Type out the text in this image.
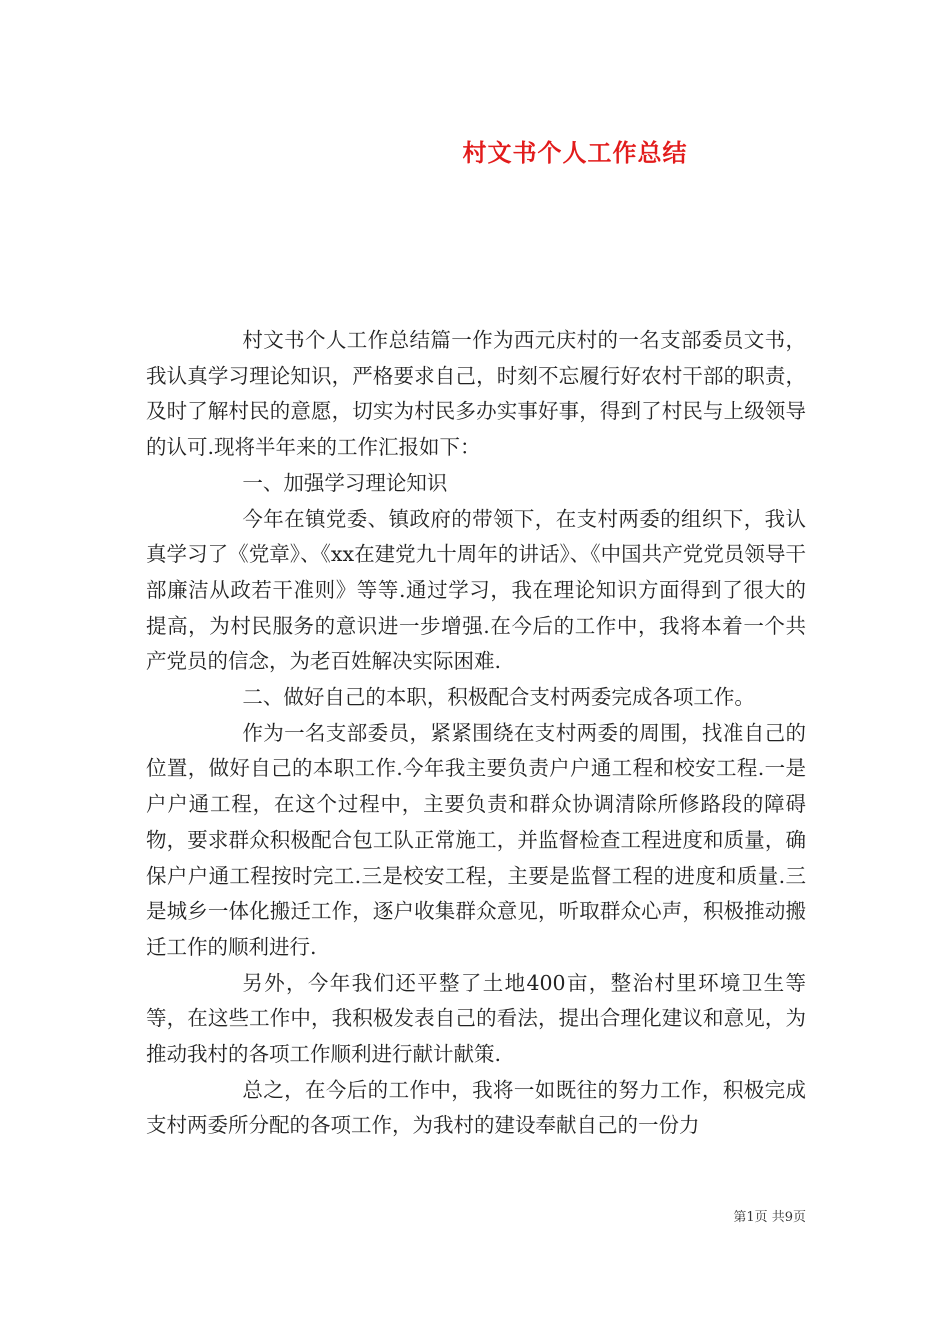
村文书个人工作总结

村文书个人工作总结篇一作为西元庆村的一名支部委员文书，我认真学习理论知识，严格要求自己，时刻不忘履行好农村干部的职责，及时了解村民的意愿，切实为村民多办实事好事，得到了村民与上级领导的认可.现将半年来的工作汇报如下：

一、加强学习理论知识

今年在镇党委、镇政府的带领下，在支村两委的组织下，我认真学习了《党章》、《xx在建党九十周年的讲话》、《中国共产党党员领导干部廉洁从政若干准则》等等.通过学习，我在理论知识方面得到了很大的提高，为村民服务的意识进一步增强.在今后的工作中，我将本着一个共产党员的信念，为老百姓解决实际困难.

二、做好自己的本职，积极配合支村两委完成各项工作。

作为一名支部委员，紧紧围绕在支村两委的周围，找准自己的位置，做好自己的本职工作.今年我主要负责户户通工程和校安工程.一是户户通工程，在这个过程中，主要负责和群众协调清除所修路段的障碍物，要求群众积极配合包工队正常施工，并监督检查工程进度和质量，确保户户通工程按时完工.三是校安工程，主要是监督工程的进度和质量.三是城乡一体化搬迁工作，逐户收集群众意见，听取群众心声，积极推动搬迁工作的顺利进行.

另外，今年我们还平整了土地400亩，整治村里环境卫生等等，在这些工作中，我积极发表自己的看法，提出合理化建议和意见，为推动我村的各项工作顺利进行献计献策.

总之，在今后的工作中，我将一如既往的努力工作，积极完成支村两委所分配的各项工作，为我村的建设奉献自己的一份力

第1页 共9页
